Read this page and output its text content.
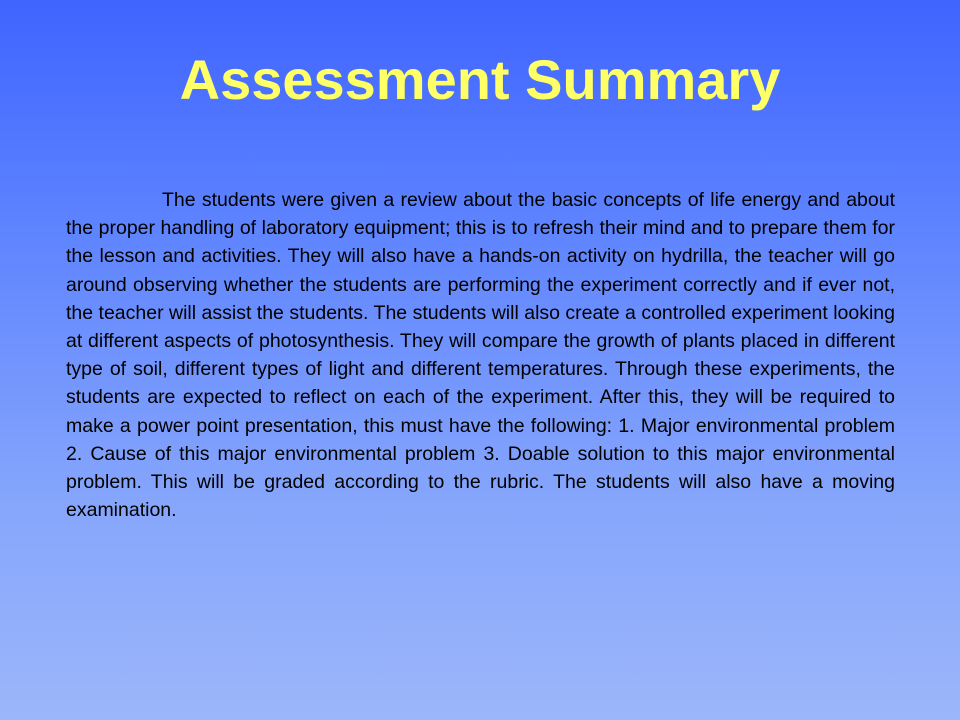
Assessment Summary

The students were given a review about the basic concepts of life energy and about the proper handling of laboratory equipment; this is to refresh their mind and to prepare them for the lesson and activities. They will also have a hands-on activity on hydrilla, the teacher will go around observing whether the students are performing the experiment correctly and if ever not, the teacher will assist the students. The students will also create a controlled experiment looking at different aspects of photosynthesis. They will compare the growth of plants placed in different type of soil, different types of light and different temperatures. Through these experiments, the students are expected to reflect on each of the experiment. After this, they will be required to make a power point presentation, this must have the following: 1. Major environmental problem 2. Cause of this major environmental problem 3. Doable solution to this major environmental problem. This will be graded according to the rubric. The students will also have a moving examination.
